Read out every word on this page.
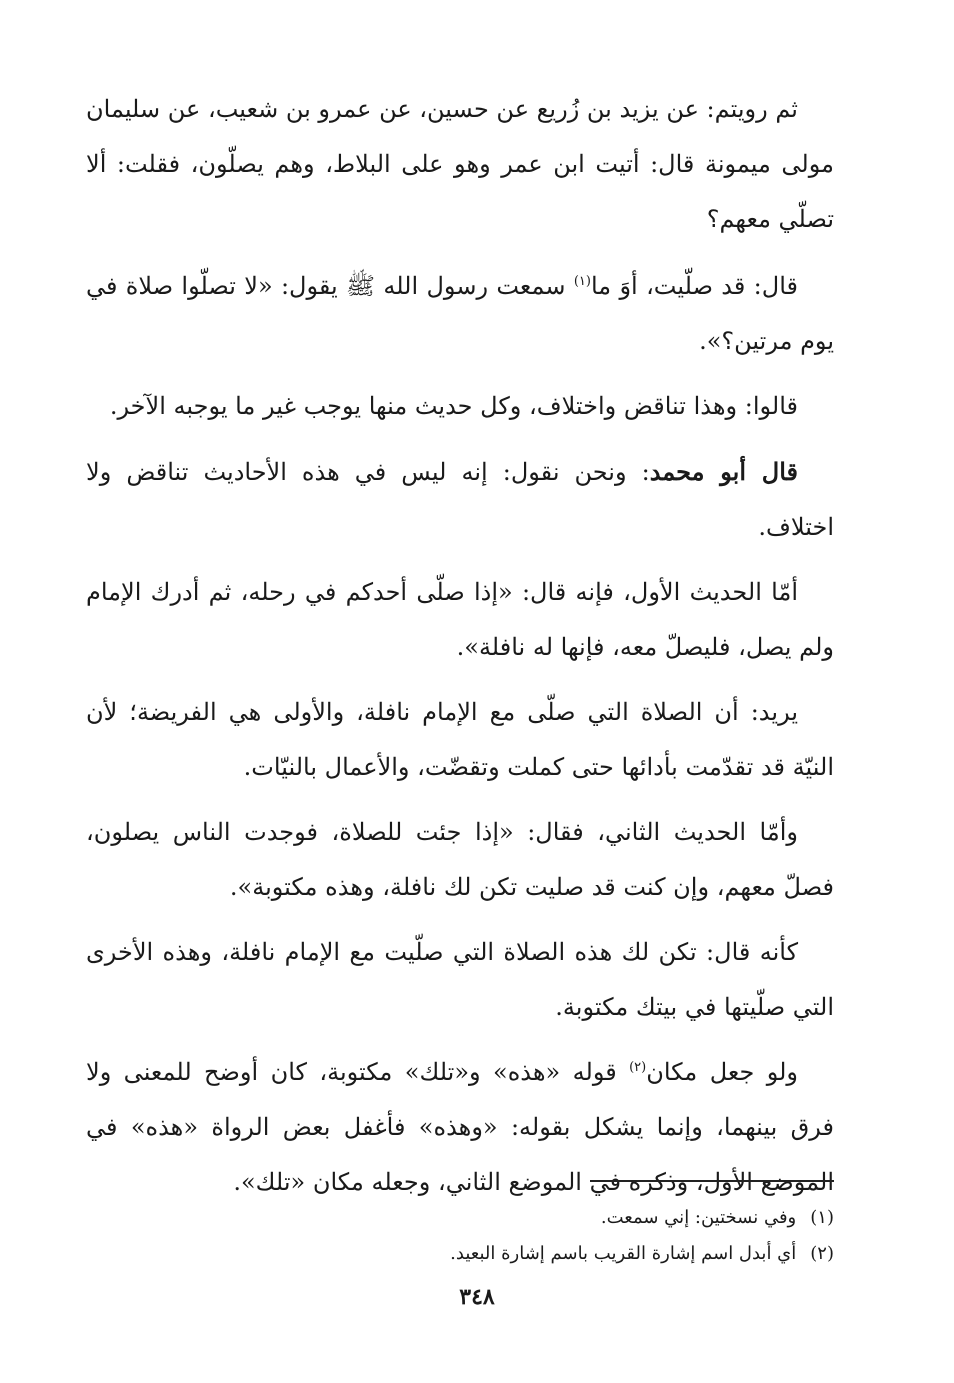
ثم رويتم: عن يزيد بن زُريع عن حسين، عن عمرو بن شعيب، عن سليمان مولى ميمونة قال: أتيت ابن عمر وهو على البلاط، وهم يصلّون، فقلت: ألا تصلّي معهم؟

قال: قد صلّيت، أوَ ما$^{(١)}$ سمعت رسول الله ﷺ يقول: «لا تصلّوا صلاة في يوم مرتين؟».

قالوا: وهذا تناقض واختلاف، وكل حديث منها يوجب غير ما يوجبه الآخر.

قال أبو محمد: ونحن نقول: إنه ليس في هذه الأحاديث تناقض ولا اختلاف.

أمّا الحديث الأول، فإنه قال: «إذا صلّى أحدكم في رحله، ثم أدرك الإمام ولم يصل، فليصلّ معه، فإنها له نافلة».

يريد: أن الصلاة التي صلّى مع الإمام نافلة، والأولى هي الفريضة؛ لأن النيّة قد تقدّمت بأدائها حتى كملت وتقضّت، والأعمال بالنيّات.

وأمّا الحديث الثاني، فقال: «إذا جئت للصلاة، فوجدت الناس يصلون، فصلّ معهم، وإن كنت قد صليت تكن لك نافلة، وهذه مكتوبة».

كأنه قال: تكن لك هذه الصلاة التي صلّيت مع الإمام نافلة، وهذه الأخرى التي صلّيتها في بيتك مكتوبة.

ولو جعل مكان$^{(٢)}$ قوله «هذه» و«تلك» مكتوبة، كان أوضح للمعنى ولا فرق بينهما، وإنما يشكل بقوله: «وهذه» فأغفل بعض الرواة «هذه» في الموضع الأول، وذكره في الموضع الثاني، وجعله مكان «تلك».

(١)وفي نسختين: إني سمعت.
(٢)أي أبدل اسم إشارة القريب باسم إشارة البعيد.
٣٤٨
